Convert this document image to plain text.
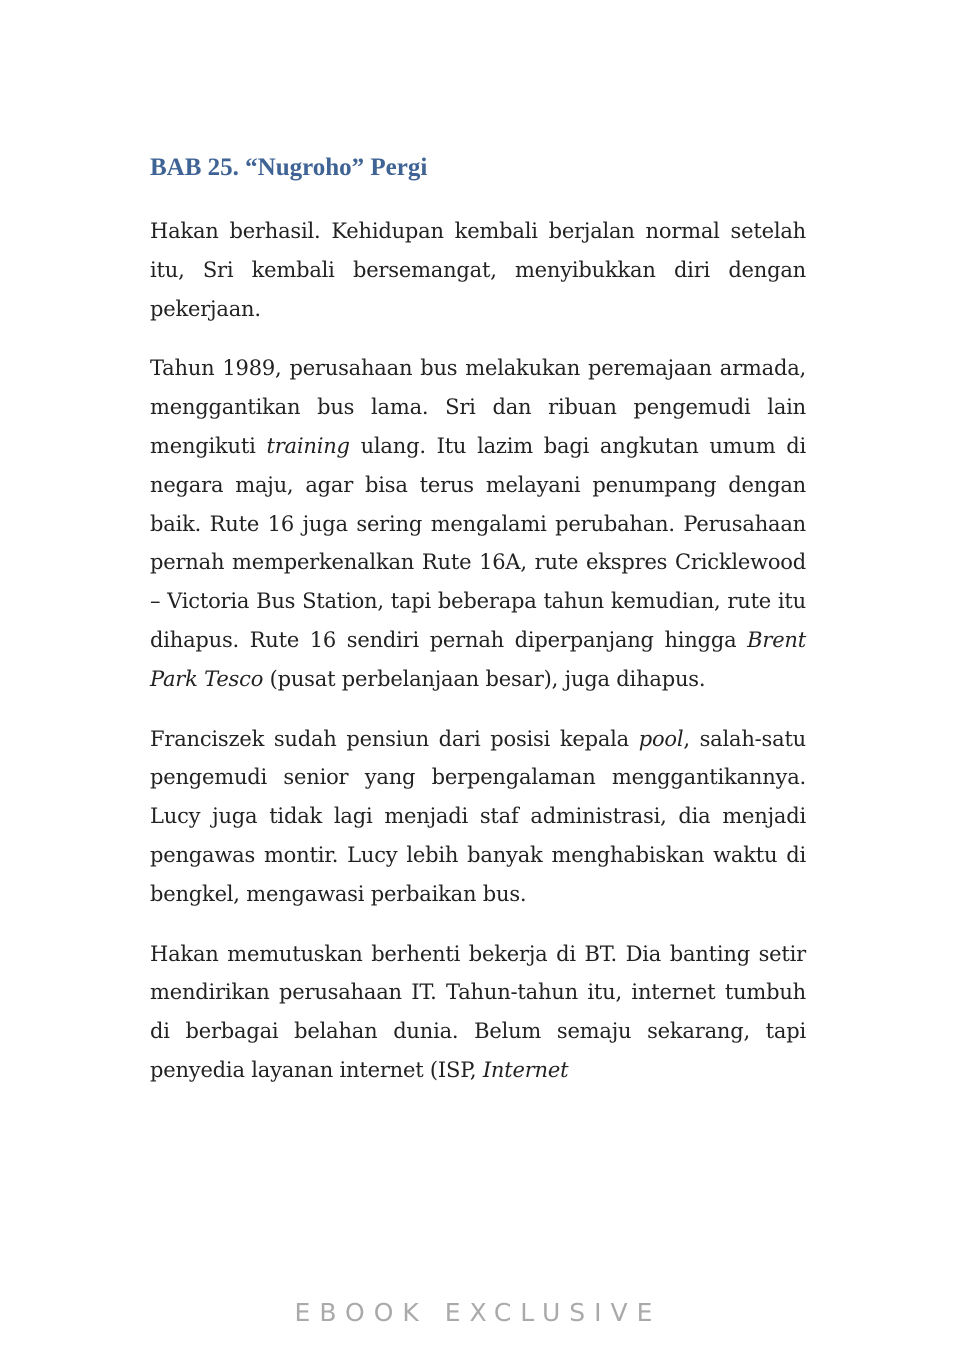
BAB 25. “Nugroho” Pergi

Hakan berhasil. Kehidupan kembali berjalan normal setelah itu, Sri kembali bersemangat, menyibukkan diri dengan pekerjaan.

Tahun 1989, perusahaan bus melakukan peremajaan armada, menggantikan bus lama. Sri dan ribuan pengemudi lain mengikuti training ulang. Itu lazim bagi angkutan umum di negara maju, agar bisa terus melayani penumpang dengan baik. Rute 16 juga sering mengalami perubahan. Perusahaan pernah memperkenalkan Rute 16A, rute ekspres Cricklewood – Victoria Bus Station, tapi beberapa tahun kemudian, rute itu dihapus. Rute 16 sendiri pernah diperpanjang hingga Brent Park Tesco (pusat perbelanjaan besar), juga dihapus.

Franciszek sudah pensiun dari posisi kepala pool, salah-satu pengemudi senior yang berpengalaman menggantikannya. Lucy juga tidak lagi menjadi staf administrasi, dia menjadi pengawas montir. Lucy lebih banyak menghabiskan waktu di bengkel, mengawasi perbaikan bus.

Hakan memutuskan berhenti bekerja di BT. Dia banting setir mendirikan perusahaan IT. Tahun-tahun itu, internet tumbuh di berbagai belahan dunia. Belum semaju sekarang, tapi penyedia layanan internet (ISP, Internet

EBOOK EXCLUSIVE
